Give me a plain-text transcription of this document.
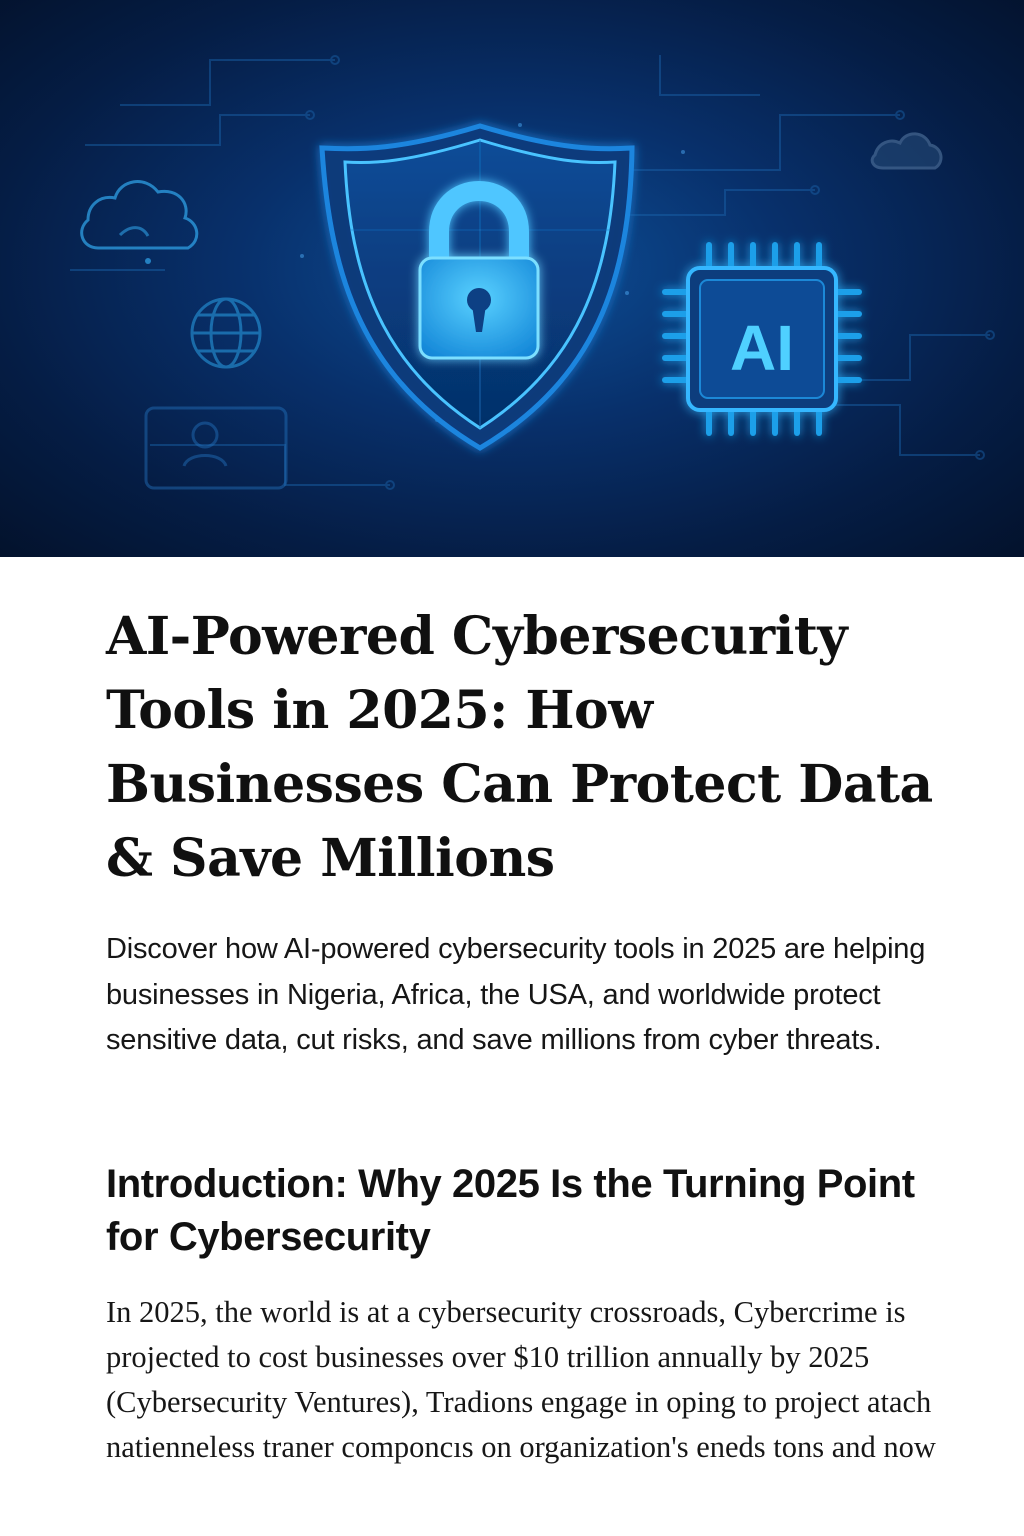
AI
AI-Powered Cybersecurity Tools in 2025: How Businesses Can Protect Data & Save Millions

Discover how AI-powered cybersecurity tools in 2025 are helping businesses in Nigeria, Africa, the USA, and worldwide protect sensitive data, cut risks, and save millions from cyber threats.

Introduction: Why 2025 Is the Turning Point for Cybersecurity

In 2025, the world is at a cybersecurity crossroads, Cybercrime is projected to cost businesses over $10 trillion annually by 2025 (Cybersecurity Ventures), Tradions engage in oping to project atach natienneless traner componcıs on organization's eneds tons and now
